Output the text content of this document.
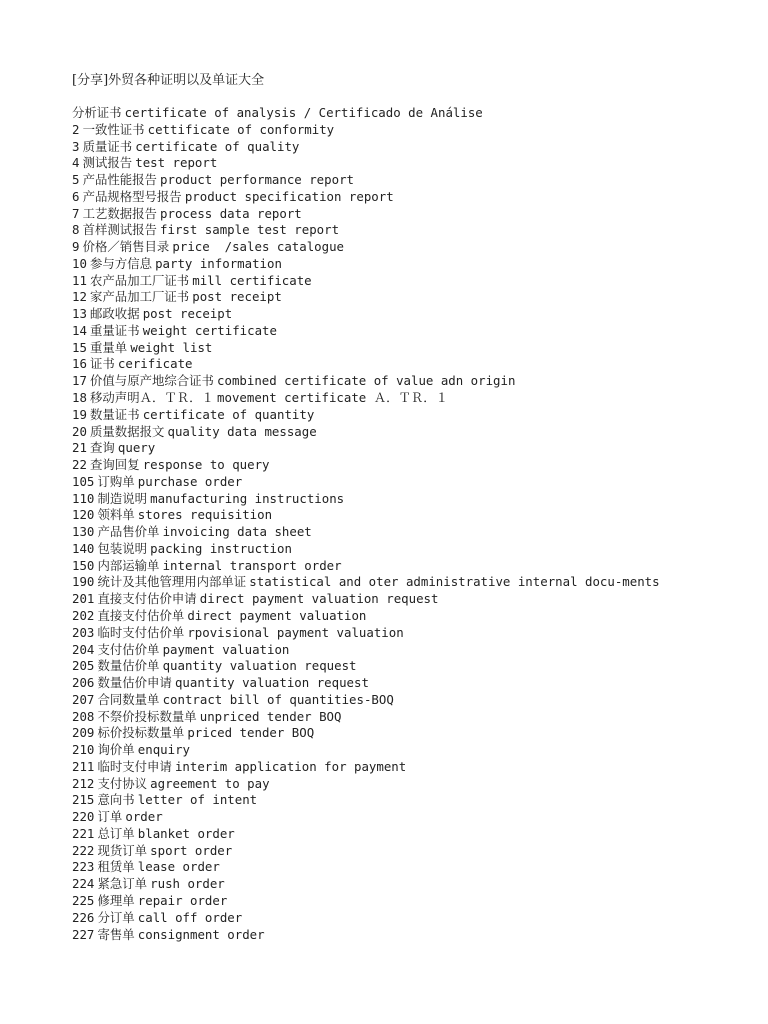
[分享]外贸各种证明以及单证大全
分析证书 certificate of analysis / Certificado de Análise
2 一致性证书 cettificate of conformity
3 质量证书 certificate of quality
4 测试报告 test report
5 产品性能报告 product performance report
6 产品规格型号报告 product specification report
7 工艺数据报告 process data report
8 首样测试报告 first sample test report
9 价格／销售目录 price  /sales catalogue
10 参与方信息 party information
11 农产品加工厂证书 mill certificate
12 家产品加工厂证书 post receipt
13 邮政收据 post receipt
14 重量证书 weight certificate
15 重量单 weight list
16 证书 cerificate
17 价值与原产地综合证书 combined certificate of value adn origin
18 移动声明Ａ．ＴＲ．１ movement certificate Ａ．ＴＲ．１
19 数量证书 certificate of quantity
20 质量数据报文 quality data message
21 查询 query
22 查询回复 response to query
105 订购单 purchase order
110 制造说明 manufacturing instructions
120 领料单 stores requisition
130 产品售价单 invoicing data sheet
140 包装说明 packing instruction
150 内部运输单 internal transport order
190 统计及其他管理用内部单证 statistical and oter administrative internal docu-ments
201 直接支付估价申请 direct payment valuation request
202 直接支付估价单 direct payment valuation
203 临时支付估价单 rpovisional payment valuation
204 支付估价单 payment valuation
205 数量估价单 quantity valuation request
206 数量估价申请 quantity valuation request
207 合同数量单 contract bill of quantities-BOQ
208 不祭价投标数量单 unpriced tender BOQ
209 标价投标数量单 priced tender BOQ
210 询价单 enquiry
211 临时支付申请 interim application for payment
212 支付协议 agreement to pay
215 意向书 letter of intent
220 订单 order
221 总订单 blanket order
222 现货订单 sport order
223 租赁单 lease order
224 紧急订单 rush order
225 修理单 repair order
226 分订单 call off order
227 寄售单 consignment order
